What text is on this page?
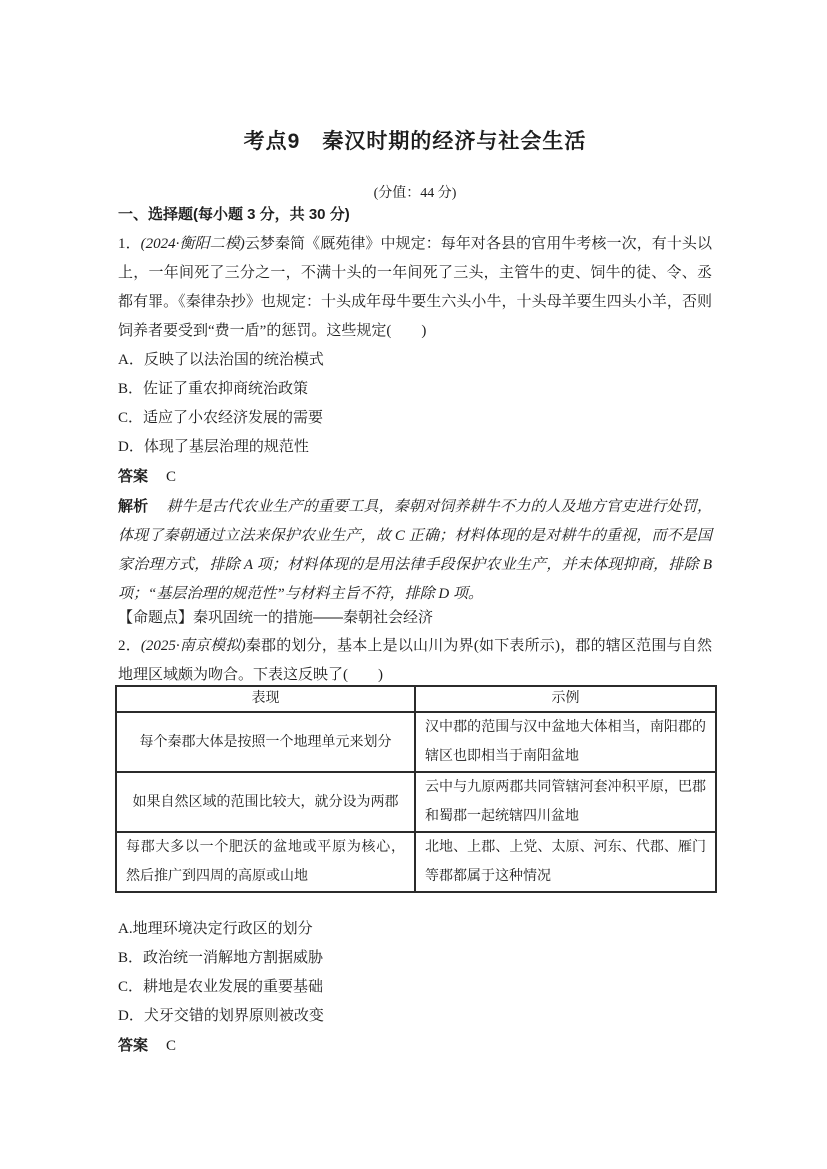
考点9　秦汉时期的经济与社会生活
(分值：44 分)
一、选择题(每小题 3 分，共 30 分)

1．(2024·衡阳二模)云梦秦简《厩苑律》中规定：每年对各县的官用牛考核一次，有十头以上，一年间死了三分之一，不满十头的一年间死了三头，主管牛的吏、饲牛的徒、令、丞都有罪。《秦律杂抄》也规定：十头成年母牛要生六头小牛，十头母羊要生四头小羊，否则饲养者要受到“费一盾”的惩罚。这些规定(　　)

A．反映了以法治国的统治模式
B．佐证了重农抑商统治政策
C．适应了小农经济发展的需要
D．体现了基层治理的规范性
答案 C

解析 耕牛是古代农业生产的重要工具，秦朝对饲养耕牛不力的人及地方官吏进行处罚，体现了秦朝通过立法来保护农业生产，故 C 正确；材料体现的是对耕牛的重视，而不是国家治理方式，排除 A 项；材料体现的是用法律手段保护农业生产，并未体现抑商，排除 B 项；“基层治理的规范性”与材料主旨不符，排除 D 项。

【命题点】秦巩固统一的措施——秦朝社会经济

2．(2025·南京模拟)秦郡的划分，基本上是以山川为界(如下表所示)，郡的辖区范围与自然地理区域颇为吻合。下表这反映了(　　)

表现	示例
每个秦郡大体是按照一个地理单元来划分	汉中郡的范围与汉中盆地大体相当，南阳郡的辖区也即相当于南阳盆地
如果自然区域的范围比较大，就分设为两郡	云中与九原两郡共同管辖河套冲积平原，巴郡和蜀郡一起统辖四川盆地
每郡大多以一个肥沃的盆地或平原为核心，然后推广到四周的高原或山地	北地、上郡、上党、太原、河东、代郡、雁门等郡都属于这种情况
A.地理环境决定行政区的划分
B．政治统一消解地方割据威胁
C．耕地是农业发展的重要基础
D．犬牙交错的划界原则被改变
答案 C
